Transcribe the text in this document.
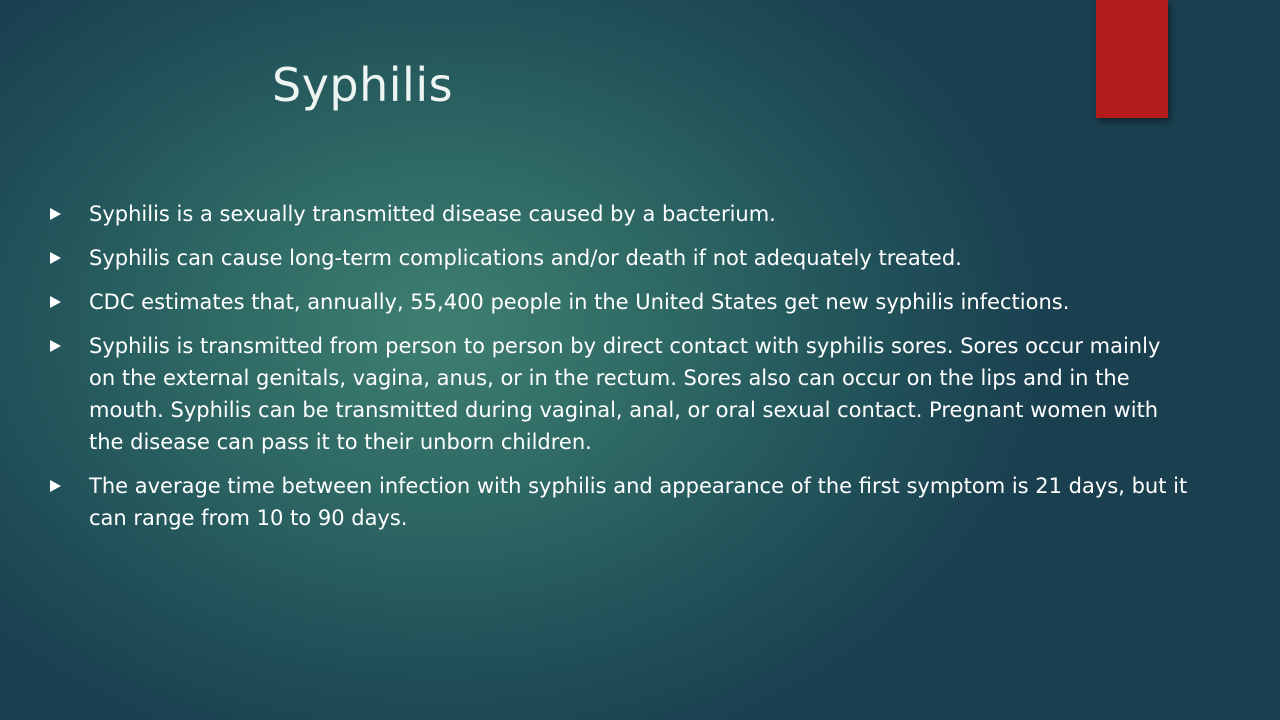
Syphilis
Syphilis is a sexually transmitted disease caused by a bacterium.
Syphilis can cause long-term complications and/or death if not adequately treated.
CDC estimates that, annually, 55,400 people in the United States get new syphilis infections.
Syphilis is transmitted from person to person by direct contact with syphilis sores. Sores occur mainly on the external genitals, vagina, anus, or in the rectum. Sores also can occur on the lips and in the mouth. Syphilis can be transmitted during vaginal, anal, or oral sexual contact. Pregnant women with the disease can pass it to their unborn children.
The average time between infection with syphilis and appearance of the first symptom is 21 days, but it can range from 10 to 90 days.
